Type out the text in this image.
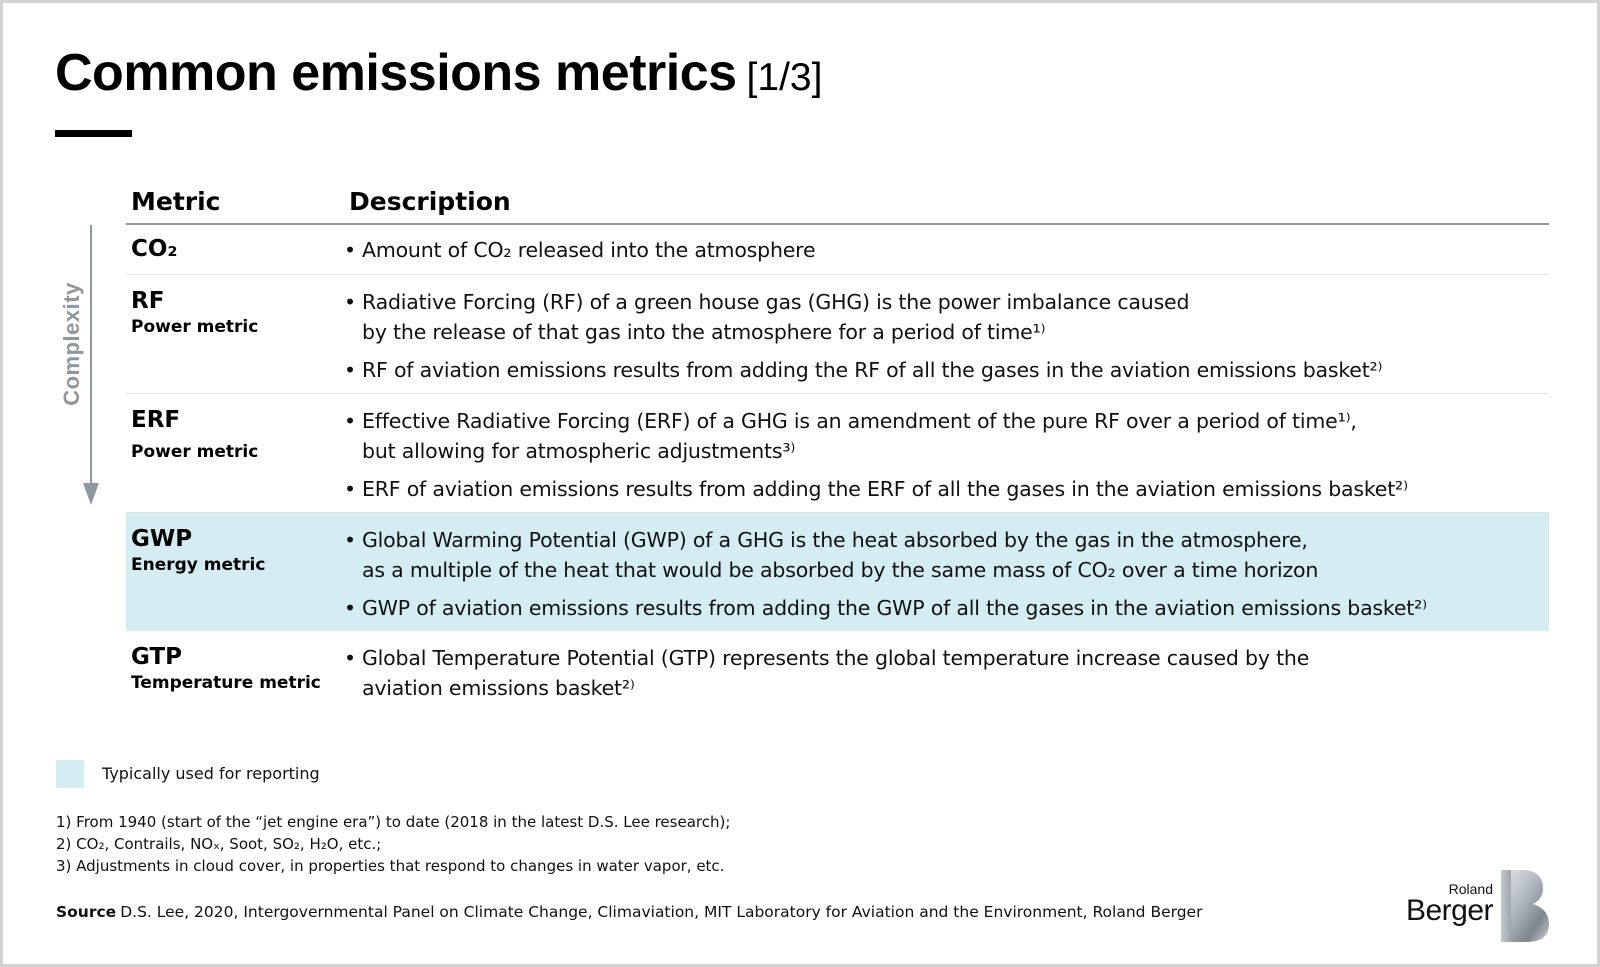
Common emissions metrics [1/3]
Complexity
Metric	Description
CO₂
•	Amount of CO₂ released into the atmosphere
RF
Power metric
• Radiative Forcing (RF) of a green house gas (GHG) is the power imbalance caused
by the release of that gas into the atmosphere for a period of time¹⁾
• RF of aviation emissions results from adding the RF of all the gases in the aviation emissions basket²⁾
ERF
Power metric
• Effective Radiative Forcing (ERF) of a GHG is an amendment of the pure RF over a period of time¹⁾,
but allowing for atmospheric adjustments³⁾
• ERF of aviation emissions results from adding the ERF of all the gases in the aviation emissions basket²⁾
GWP
Energy metric
• Global Warming Potential (GWP) of a GHG is the heat absorbed by the gas in the atmosphere,
as a multiple of the heat that would be absorbed by the same mass of CO₂ over a time horizon
• GWP of aviation emissions results from adding the GWP of all the gases in the aviation emissions basket²⁾
GTP
Temperature metric
• Global Temperature Potential (GTP) represents the global temperature increase caused by the
aviation emissions basket²⁾
Typically used for reporting
1) From 1940 (start of the “jet engine era”) to date (2018 in the latest D.S. Lee research);
2) CO₂, Contrails, NOₓ, Soot, SO₂, H₂O, etc.;
3) Adjustments in cloud cover, in properties that respond to changes in water vapor, etc.
Source D.S. Lee, 2020, Intergovernmental Panel on Climate Change, Climaviation, MIT Laboratory for Aviation and the Environment, Roland Berger
Roland
Berger
